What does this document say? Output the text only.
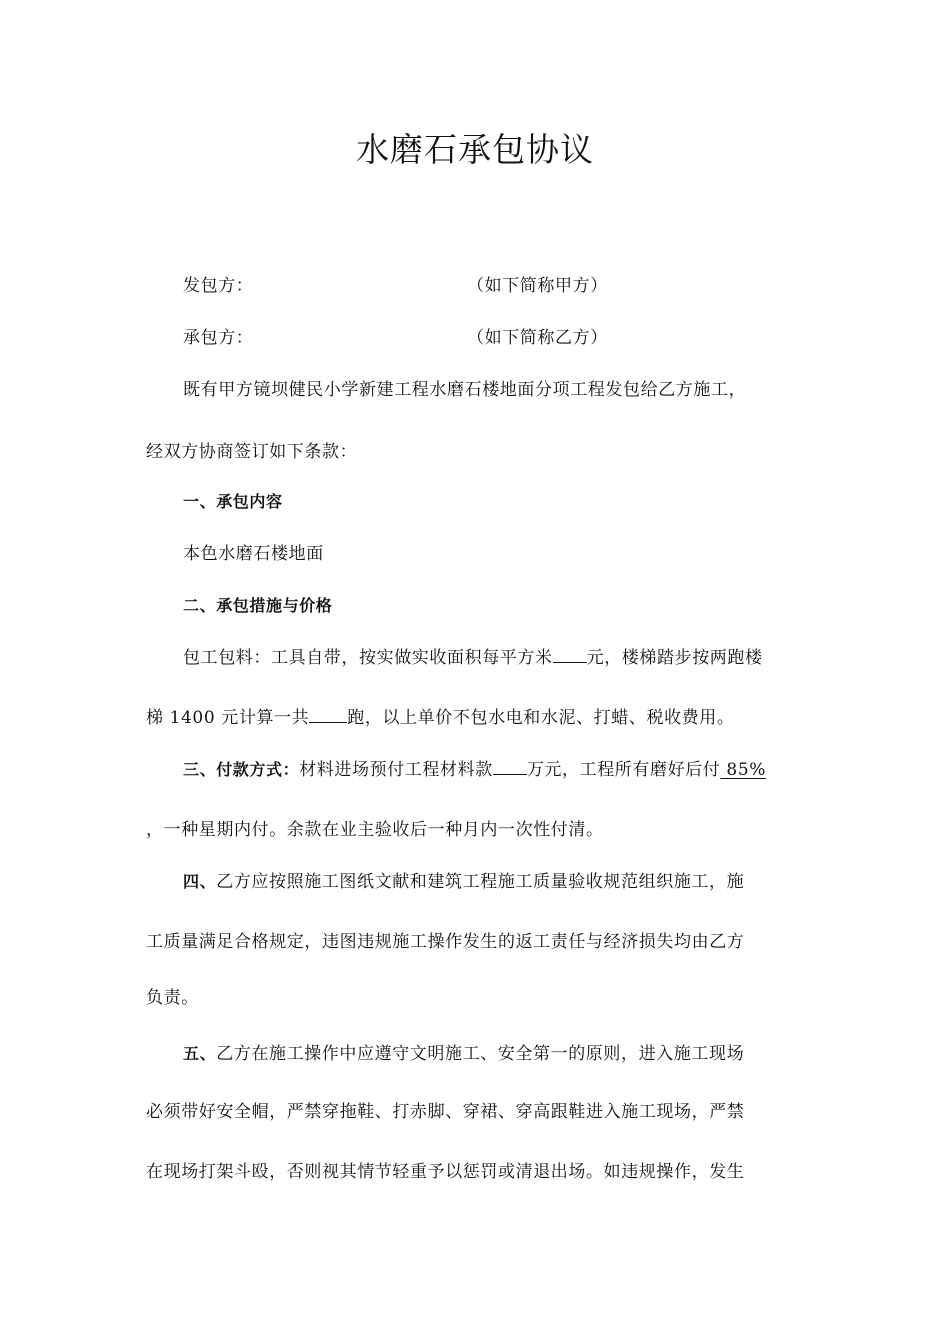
水磨石承包协议
发包方：	（如下简称甲方）
承包方：	（如下简称乙方）
既有甲方镜坝健民小学新建工程水磨石楼地面分项工程发包给乙方施工，
经双方协商签订如下条款：
一、承包内容
本色水磨石楼地面
二、承包措施与价格
包工包料：工具自带，按实做实收面积每平方米 元，楼梯踏步按两跑楼
梯 1400 元计算一共 跑，以上单价不包水电和水泥、打蜡、税收费用。
三、付款方式：材料进场预付工程材料款 万元，工程所有磨好后付 85%
，一种星期内付。余款在业主验收后一种月内一次性付清。
四、乙方应按照施工图纸文献和建筑工程施工质量验收规范组织施工，施
工质量满足合格规定，违图违规施工操作发生的返工责任与经济损失均由乙方
负责。
五、乙方在施工操作中应遵守文明施工、安全第一的原则，进入施工现场
必须带好安全帽，严禁穿拖鞋、打赤脚、穿裙、穿高跟鞋进入施工现场，严禁
在现场打架斗殴，否则视其情节轻重予以惩罚或清退出场。如违规操作，发生
